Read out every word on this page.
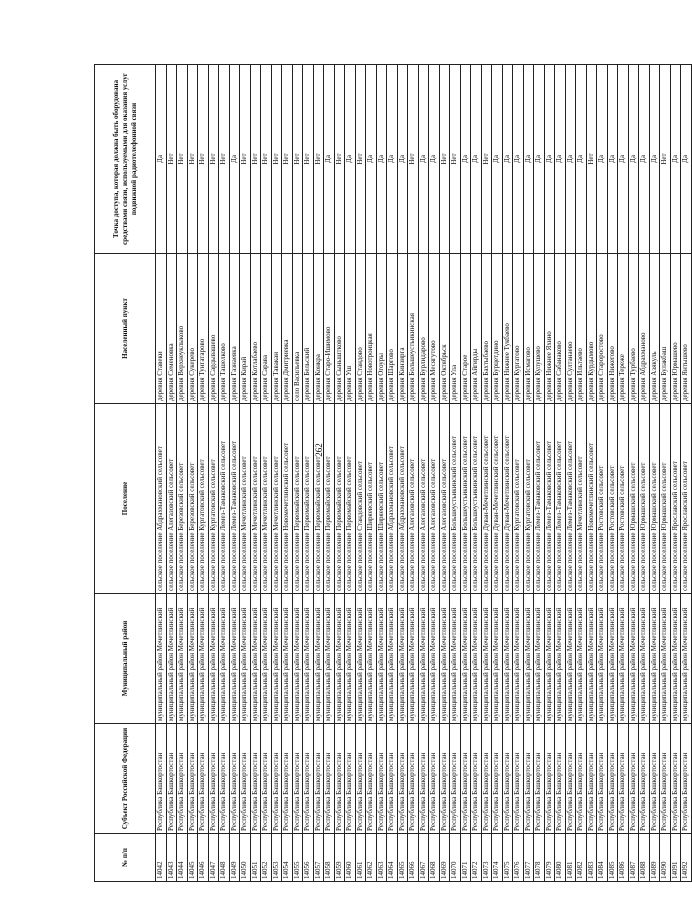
262
№ п/п	Субъект Российской Федерации	Муниципальный район	Поселение	Населенный пункт	Точка доступа, которая должна быть оборудована средствами связи, используемыми для оказания услуг подвижной радиотелефонной связи
14042	Республика Башкортостан	муниципальный район Мечетлинский	сельское поселение Абдрахмановский сельсовет	деревня Ставеки	Да
14043	Республика Башкортостан	муниципальный район Мечетлинский	сельское поселение Алегазовский сельсовет	деревня Семеновка	Нет
14044	Республика Башкортостан	муниципальный район Мечетлинский	сельское поселение Березовский сельсовет	деревня Верхнеуклыково	Нет
14045	Республика Башкортостан	муниципальный район Мечетлинский	сельское поселение Березовский сельсовет	деревня Сукерево	Нет
14046	Республика Башкортостан	муниципальный район Мечетлинский	сельское поселение Кургатовский сельсовет	деревня Тунгатарово	Нет
14047	Республика Башкортостан	муниципальный район Мечетлинский	сельское поселение Кургатовский сельсовет	деревня Сардывашево	Нет
14048	Республика Башкортостан	муниципальный район Мечетлинский	сельское поселение Лемез-Тамаковский сельсовет	деревня Ташелково	Нет
14049	Республика Башкортостан	муниципальный район Мечетлинский	сельское поселение Лемез-Тамаковский сельсовет	деревня Газнаевка	Да
14050	Республика Башкортостан	муниципальный район Мечетлинский	сельское поселение Мечетлинский сельсовет	деревня Кирай	Нет
14051	Республика Башкортостан	муниципальный район Мечетлинский	сельское поселение Мечетлинский сельсовет	деревня Котлабаево	Нет
14052	Республика Башкортостан	муниципальный район Мечетлинский	сельское поселение Мечетлинский сельсовет	деревня Сарава	Нет
14053	Республика Башкортостан	муниципальный район Мечетлинский	сельское поселение Мечетлинский сельсовет	деревня Тавакан	Нет
14054	Республика Башкортостан	муниципальный район Мечетлинский	сельское поселение Новомечетлинский сельсовет	деревня Дмитриевка	Нет
14055	Республика Башкортостан	муниципальный район Мечетлинский	сельское поселение Первомайский сельсовет	село Васильевка	Нет
14056	Республика Башкортостан	муниципальный район Мечетлинский	сельское поселение Первомайский сельсовет	деревня Бельский	Нет
14057	Республика Башкортостан	муниципальный район Мечетлинский	сельское поселение Первомайский сельсовет	деревня Конкра	Нет
14058	Республика Башкортостан	муниципальный район Мечетлинский	сельское поселение Первомайский сельсовет	деревня Старо-Ишимово	Да
14059	Республика Башкортостан	муниципальный район Мечетлинский	сельское поселение Первомайский сельсовет	деревня Сыныштково	Нет
14060	Республика Башкортостан	муниципальный район Мечетлинский	сельское поселение Первомайский сельсовет	деревня Уш	Да
14061	Республика Башкортостан	муниципальный район Мечетлинский	сельское поселение Стандовский сельсовет	деревня Стандово	Нет
14062	Республика Башкортостан	муниципальный район Мечетлинский	сельское поселение Ширяевский сельсовет	деревня Новотроицкая	Да
14063	Республика Башкортостан	муниципальный район Мечетлинский	сельское поселение Ширяевский сельсовет	деревня Огоуры	Да
14064	Республика Башкортостан	муниципальный район Мечетлинский	сельское поселение Абдрахмановский сельсовет	деревня Шаргово	Да
14065	Республика Башкортостан	муниципальный район Мечетлинский	сельское поселение Абдрахмановский сельсовет	деревня Кинзирга	Да
14066	Республика Башкортостан	муниципальный район Мечетлинский	сельское поселение Алегазовский сельсовет	деревня Большеустьикинская	Нет
14067	Республика Башкортостан	муниципальный район Мечетлинский	сельское поселение Алегазовский сельсовет	деревня Бурлидарово	Да
14068	Республика Башкортостан	муниципальный район Мечетлинский	сельское поселение Алегазовский сельсовет	деревня Месягутово	Да
14069	Республика Башкортостан	муниципальный район Мечетлинский	сельское поселение Алегазовский сельсовет	деревня Октябрьск	Нет
14070	Республика Башкортостан	муниципальный район Мечетлинский	сельское поселение Большеустьикинский сельсовет	деревня Ула	Нет
14071	Республика Башкортостан	муниципальный район Мечетлинский	сельское поселение Большеустьикинский сельсовет	деревня Старое	Да
14072	Республика Башкортостан	муниципальный район Мечетлинский	сельское поселение Большеустьикинский сельсовет	деревня Айгирды	Да
14073	Республика Башкортостан	муниципальный район Мечетлинский	сельское поселение Дуван-Мечетлинский сельсовет	деревня Бахтыбаево	Нет
14074	Республика Башкортостан	муниципальный район Мечетлинский	сельское поселение Дуван-Мечетлинский сельсовет	деревня Бурцетдино	Да
14075	Республика Башкортостан	муниципальный район Мечетлинский	сельское поселение Дуван-Мечетлинский сельсовет	деревня Нижнее Тукбаево	Да
14076	Республика Башкортостан	муниципальный район Мечетлинский	сельское поселение Кургатовский сельсовет	деревня Кургатово	Да
14077	Республика Башкортостан	муниципальный район Мечетлинский	сельское поселение Кургатовский сельсовет	деревня Исмагово	Да
14078	Республика Башкортостан	муниципальный район Мечетлинский	сельское поселение Лемез-Тамаковский сельсовет	деревня Кулушево	Да
14079	Республика Башкортостан	муниципальный район Мечетлинский	сельское поселение Лемез-Тамаковский сельсовет	деревня Нижнее Яхино	Да
14080	Республика Башкортостан	муниципальный район Мечетлинский	сельское поселение Лемез-Тамаковский сельсовет	деревня Сабанаково	Да
14081	Республика Башкортостан	муниципальный район Мечетлинский	сельское поселение Лемез-Тамаковский сельсовет	деревня Султанаево	Да
14082	Республика Башкортостан	муниципальный район Мечетлинский	сельское поселение Мечетлинский сельсовет	деревня Ильтаево	Да
14083	Республика Башкортостан	муниципальный район Мечетлинский	сельское поселение Новомечетлинский сельсовет	деревня Курдымово	Нет
14084	Республика Башкортостан	муниципальный район Мечетлинский	сельское поселение Ростовский сельсовет	деревня Староростово	Да
14085	Республика Башкортостан	муниципальный район Мечетлинский	сельское поселение Ростовский сельсовет	деревня Нижегово	Да
14086	Республика Башкортостан	муниципальный район Мечетлинский	сельское поселение Ростовский сельсовет	деревня Тереже	Да
14087	Республика Башкортостан	муниципальный район Мечетлинский	сельское поселение Юрмашский сельсовет	деревня Турбаево	Да
14088	Республика Башкортостан	муниципальный район Мечетлинский	сельское поселение Юрмашский сельсовет	деревня Абдрахманово	Да
14089	Республика Башкортостан	муниципальный район Мечетлинский	сельское поселение Юрмашский сельсовет	деревня Азякуль	Да
14090	Республика Башкортостан	муниципальный район Мечетлинский	сельское поселение Юрмашский сельсовет	деревня Булакбаш	Нет
14091	Республика Башкортостан	муниципальный район Мечетлинский	сельское поселение Ярославский сельсовет	деревня Юрмашево	Да
14092	Республика Башкортостан	муниципальный район Мечетлинский	сельское поселение Ярославский сельсовет	деревня Янтышево	Да
